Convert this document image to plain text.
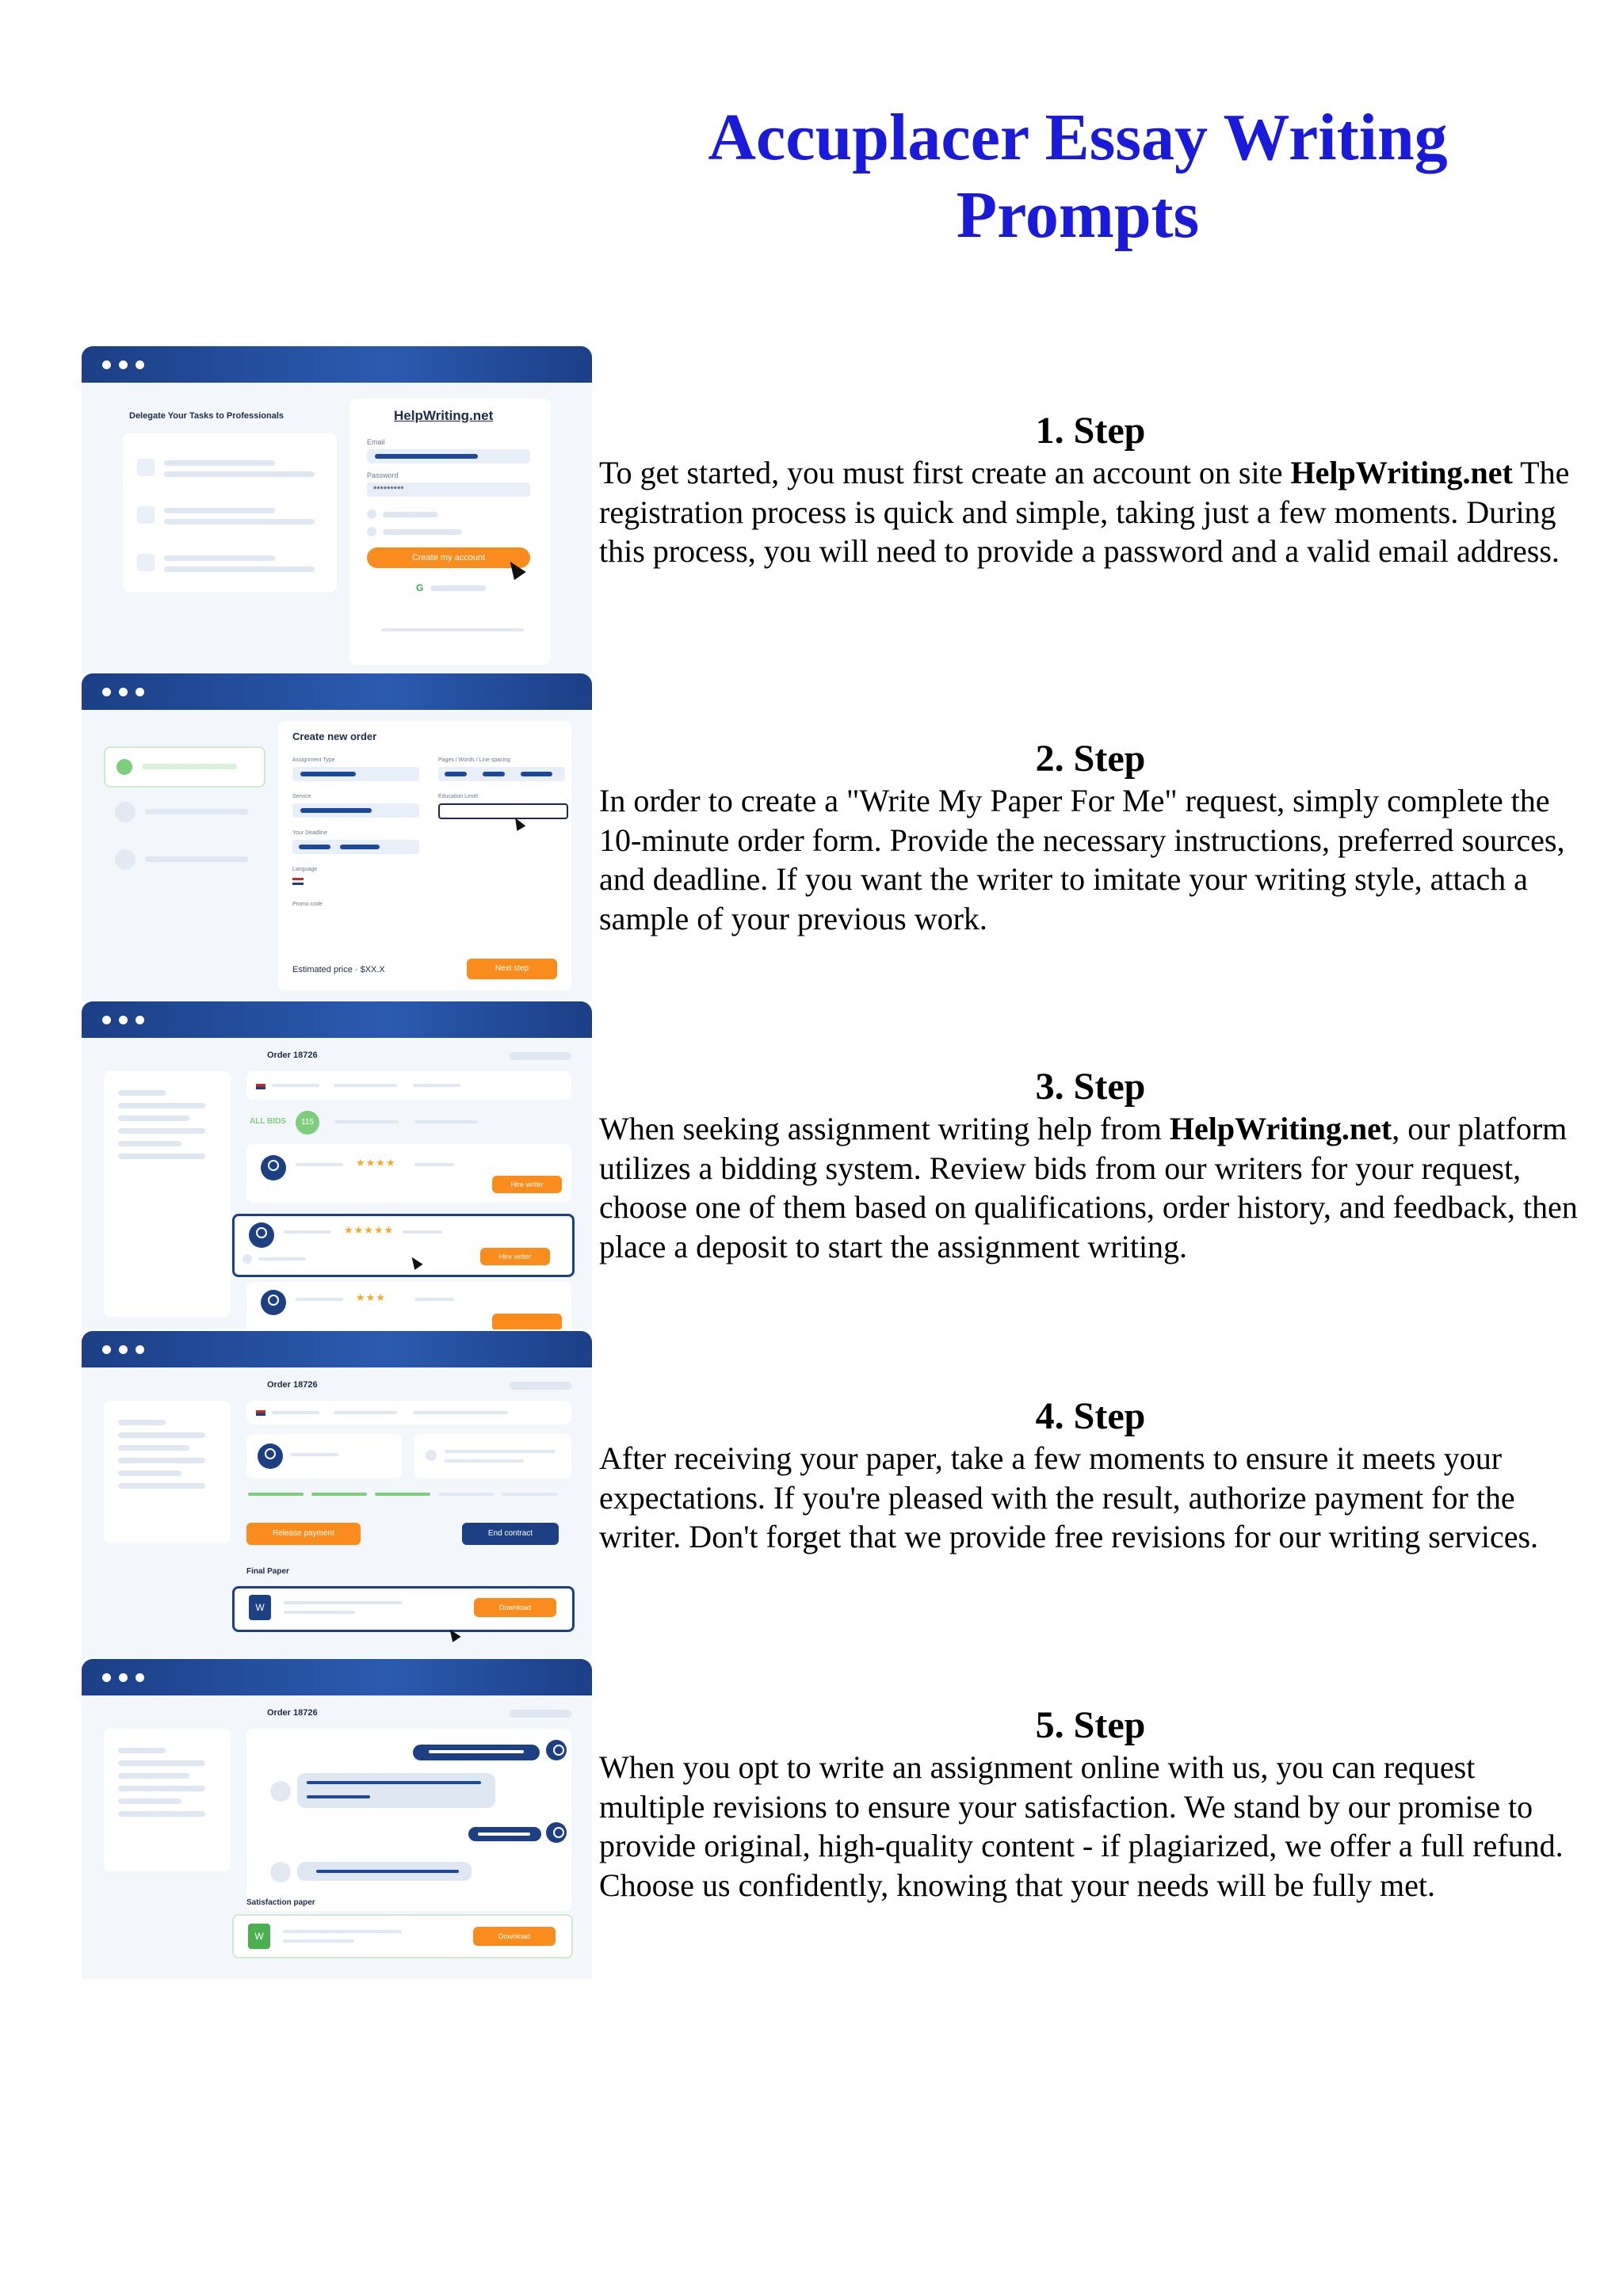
Accuplacer Essay Writing
Prompts
Delegate Your Tasks to Professionals	HelpWriting.net
Email
Password
*********
Create my account
G
Create new order
Assignment Type	Pages / Words / Line spacing
Service	Education Level
Your Deadline
Language
Promo code
Estimated price · $XX.X	Next step
Order 18726
ALL BIDS	115
★★★★
Hire writer
★★★★★
Hire writer
★★★
Order 18726
Release payment	End contract
Final Paper
W	Download
Order 18726
Satisfaction paper
W	Download
1. Step

To get started, you must first create an account on site HelpWriting.net The registration process is quick and simple, taking just a few moments. During this process, you will need to provide a password and a valid email address.

2. Step

In order to create a "Write My Paper For Me" request, simply complete the 10-minute order form. Provide the necessary instructions, preferred sources, and deadline. If you want the writer to imitate your writing style, attach a sample of your previous work.

3. Step

When seeking assignment writing help from HelpWriting.net, our platform utilizes a bidding system. Review bids from our writers for your request, choose one of them based on qualifications, order history, and feedback, then place a deposit to start the assignment writing.

4. Step

After receiving your paper, take a few moments to ensure it meets your expectations. If you're pleased with the result, authorize payment for the writer. Don't forget that we provide free revisions for our writing services.

5. Step

When you opt to write an assignment online with us, you can request multiple revisions to ensure your satisfaction. We stand by our promise to provide original, high-quality content - if plagiarized, we offer a full refund. Choose us confidently, knowing that your needs will be fully met.
